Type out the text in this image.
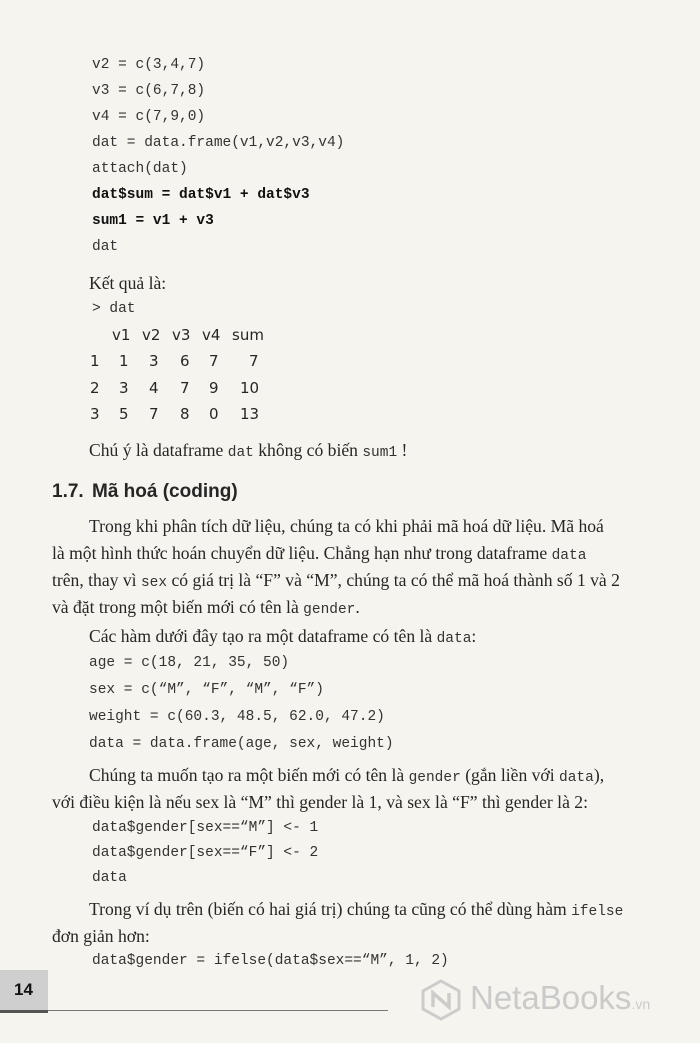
v2 = c(3,4,7)
v3 = c(6,7,8)
v4 = c(7,9,0)
dat = data.frame(v1,v2,v3,v4)
attach(dat)
dat$sum = dat$v1 + dat$v3
sum1 = v1 + v3
dat
Kết quả là:
> dat
v1 v2 v3 v4 sum
1 1 3 6 7 7
2 3 4 7 9 10
3 5 7 8 0 13
Chú ý là dataframe dat không có biến sum1 !
1.7. Mã hoá (coding)
Trong khi phân tích dữ liệu, chúng ta có khi phải mã hoá dữ liệu. Mã hoá
là một hình thức hoán chuyển dữ liệu. Chẳng hạn như trong dataframe data
trên, thay vì sex có giá trị là “F” và “M”, chúng ta có thể mã hoá thành số 1 và 2
và đặt trong một biến mới có tên là gender.
Các hàm dưới đây tạo ra một dataframe có tên là data:
age = c(18, 21, 35, 50)
sex = c(“M”, “F”, “M”, “F”)
weight = c(60.3, 48.5, 62.0, 47.2)
data = data.frame(age, sex, weight)
Chúng ta muốn tạo ra một biến mới có tên là gender (gắn liền với data),
với điều kiện là nếu sex là “M” thì gender là 1, và sex là “F” thì gender là 2:
data$gender[sex==“M”] <- 1
data$gender[sex==“F”] <- 2
data
Trong ví dụ trên (biến có hai giá trị) chúng ta cũng có thể dùng hàm ifelse
đơn giản hơn:
data$gender = ifelse(data$sex==“M”, 1, 2)
14	NetaBooks.vn
